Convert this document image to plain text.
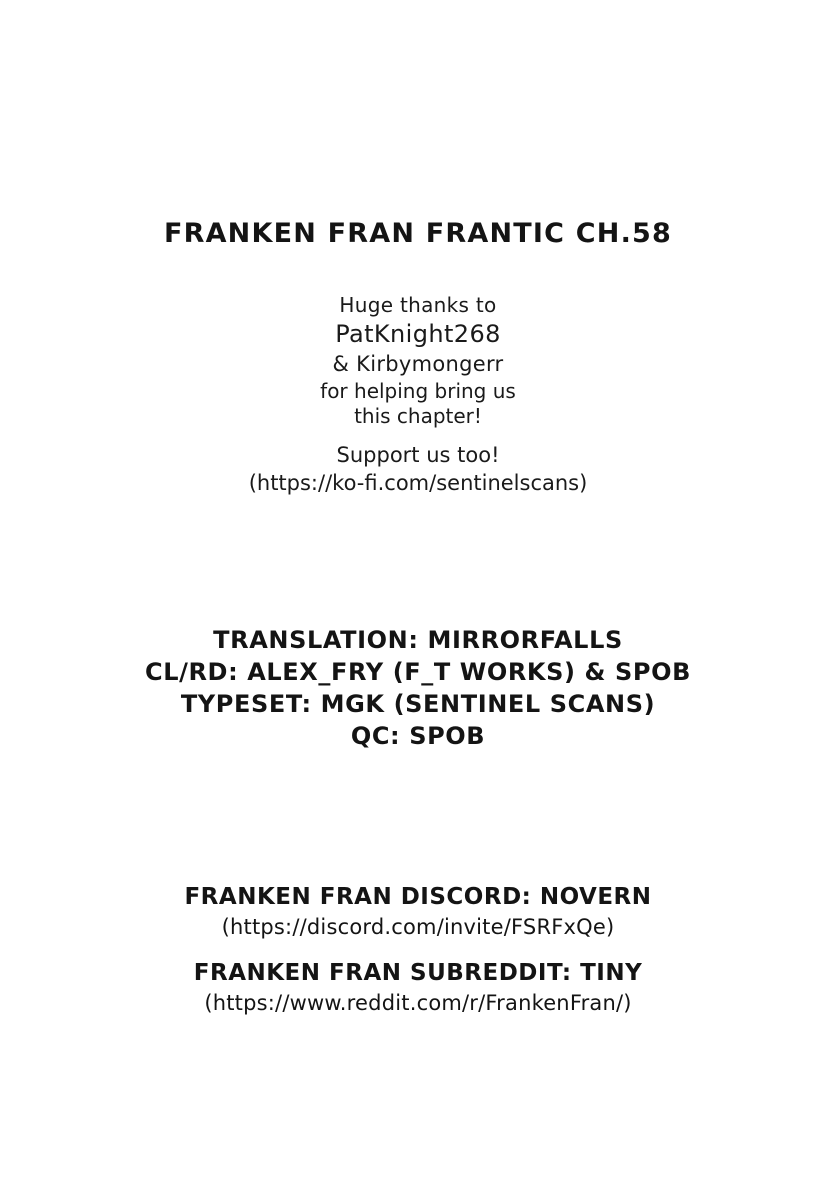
FRANKEN FRAN FRANTIC CH.58
Huge thanks to
PatKnight268
& Kirbymongerr
for helping bring us
this chapter!
Support us too!
(https://ko-fi.com/sentinelscans)
TRANSLATION: MIRRORFALLS
CL/RD: ALEX_FRY (F_T WORKS) & SPOB
TYPESET: MGK (SENTINEL SCANS)
QC: SPOB
FRANKEN FRAN DISCORD: NOVERN
(https://discord.com/invite/FSRFxQe)
FRANKEN FRAN SUBREDDIT: TINY
(https://www.reddit.com/r/FrankenFran/)
